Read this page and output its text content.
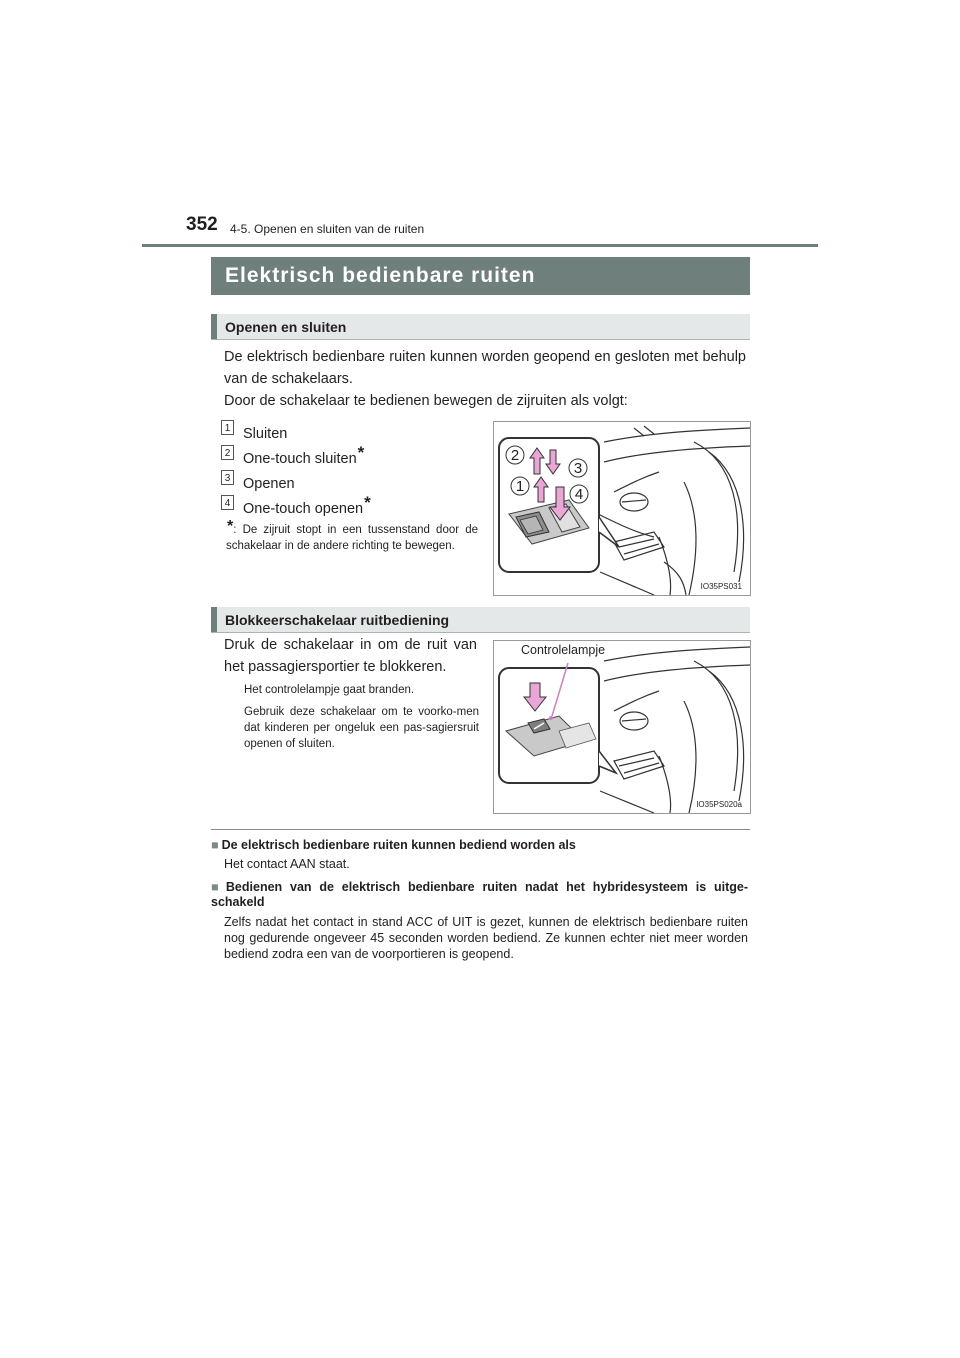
352 4-5. Openen en sluiten van de ruiten
Elektrisch bedienbare ruiten
Openen en sluiten
De elektrisch bedienbare ruiten kunnen worden geopend en gesloten met behulp van de schakelaars.
Door de schakelaar te bedienen bewegen de zijruiten als volgt:
1 Sluiten
2 One-touch sluiten*
3 Openen
4 One-touch openen*
*: De zijruit stopt in een tussenstand door de schakelaar in de andere richting te bewegen.
2
3
1	4
IO35PS031
Blokkeerschakelaar ruitbediening
Druk de schakelaar in om de ruit van het passagiersportier te blokkeren.
Het controlelampje gaat branden.
Gebruik deze schakelaar om te voorko-men dat kinderen per ongeluk een pas-sagiersruit openen of sluiten.
Controlelampje
IO35PS020a
■ De elektrisch bedienbare ruiten kunnen bediend worden als
Het contact AAN staat.
■ Bedienen van de elektrisch bedienbare ruiten nadat het hybridesysteem is uitge-schakeld
Zelfs nadat het contact in stand ACC of UIT is gezet, kunnen de elektrisch bedienbare ruiten nog gedurende ongeveer 45 seconden worden bediend. Ze kunnen echter niet meer worden bediend zodra een van de voorportieren is geopend.
